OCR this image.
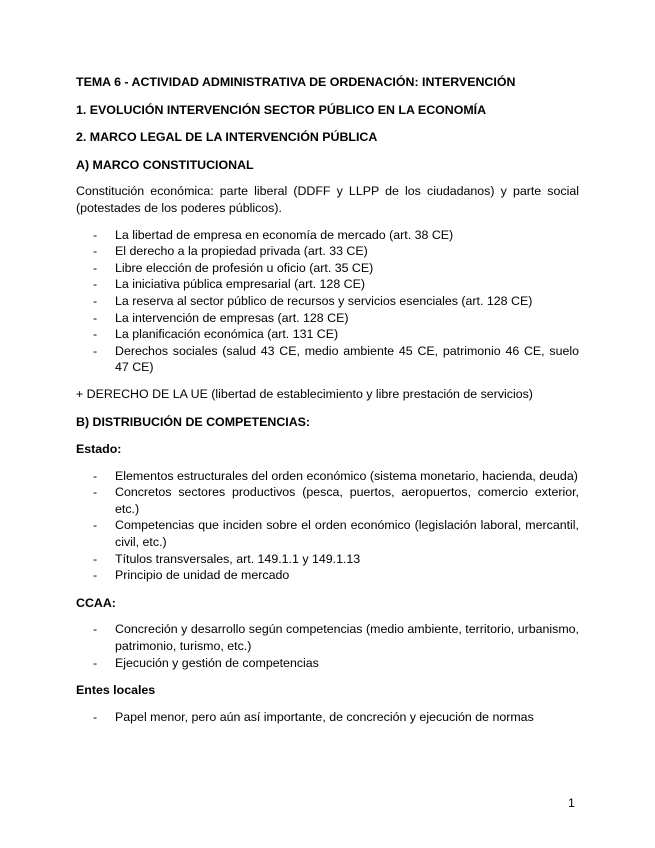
TEMA 6 - ACTIVIDAD ADMINISTRATIVA DE ORDENACIÓN: INTERVENCIÓN

1. EVOLUCIÓN INTERVENCIÓN SECTOR PÚBLICO EN LA ECONOMÍA

2. MARCO LEGAL DE LA INTERVENCIÓN PÚBLICA

A) MARCO CONSTITUCIONAL

Constitución económica: parte liberal (DDFF y LLPP de los ciudadanos) y parte social (potestades de los poderes públicos).

- La libertad de empresa en economía de mercado (art. 38 CE)
- El derecho a la propiedad privada (art. 33 CE)
- Libre elección de profesión u oficio (art. 35 CE)
- La iniciativa pública empresarial (art. 128 CE)
- La reserva al sector público de recursos y servicios esenciales (art. 128 CE)
- La intervención de empresas (art. 128 CE)
- La planificación económica (art. 131 CE)
- Derechos sociales (salud 43 CE, medio ambiente 45 CE, patrimonio 46 CE, suelo 47 CE)

+ DERECHO DE LA UE (libertad de establecimiento y libre prestación de servicios)

B) DISTRIBUCIÓN DE COMPETENCIAS:

Estado:

- Elementos estructurales del orden económico (sistema monetario, hacienda, deuda)
- Concretos sectores productivos (pesca, puertos, aeropuertos, comercio exterior, etc.)
- Competencias que inciden sobre el orden económico (legislación laboral, mercantil, civil, etc.)
- Títulos transversales, art. 149.1.1 y 149.1.13
- Principio de unidad de mercado

CCAA:

- Concreción y desarrollo según competencias (medio ambiente, territorio, urbanismo, patrimonio, turismo, etc.)
- Ejecución y gestión de competencias

Entes locales

- Papel menor, pero aún así importante, de concreción y ejecución de normas
1
